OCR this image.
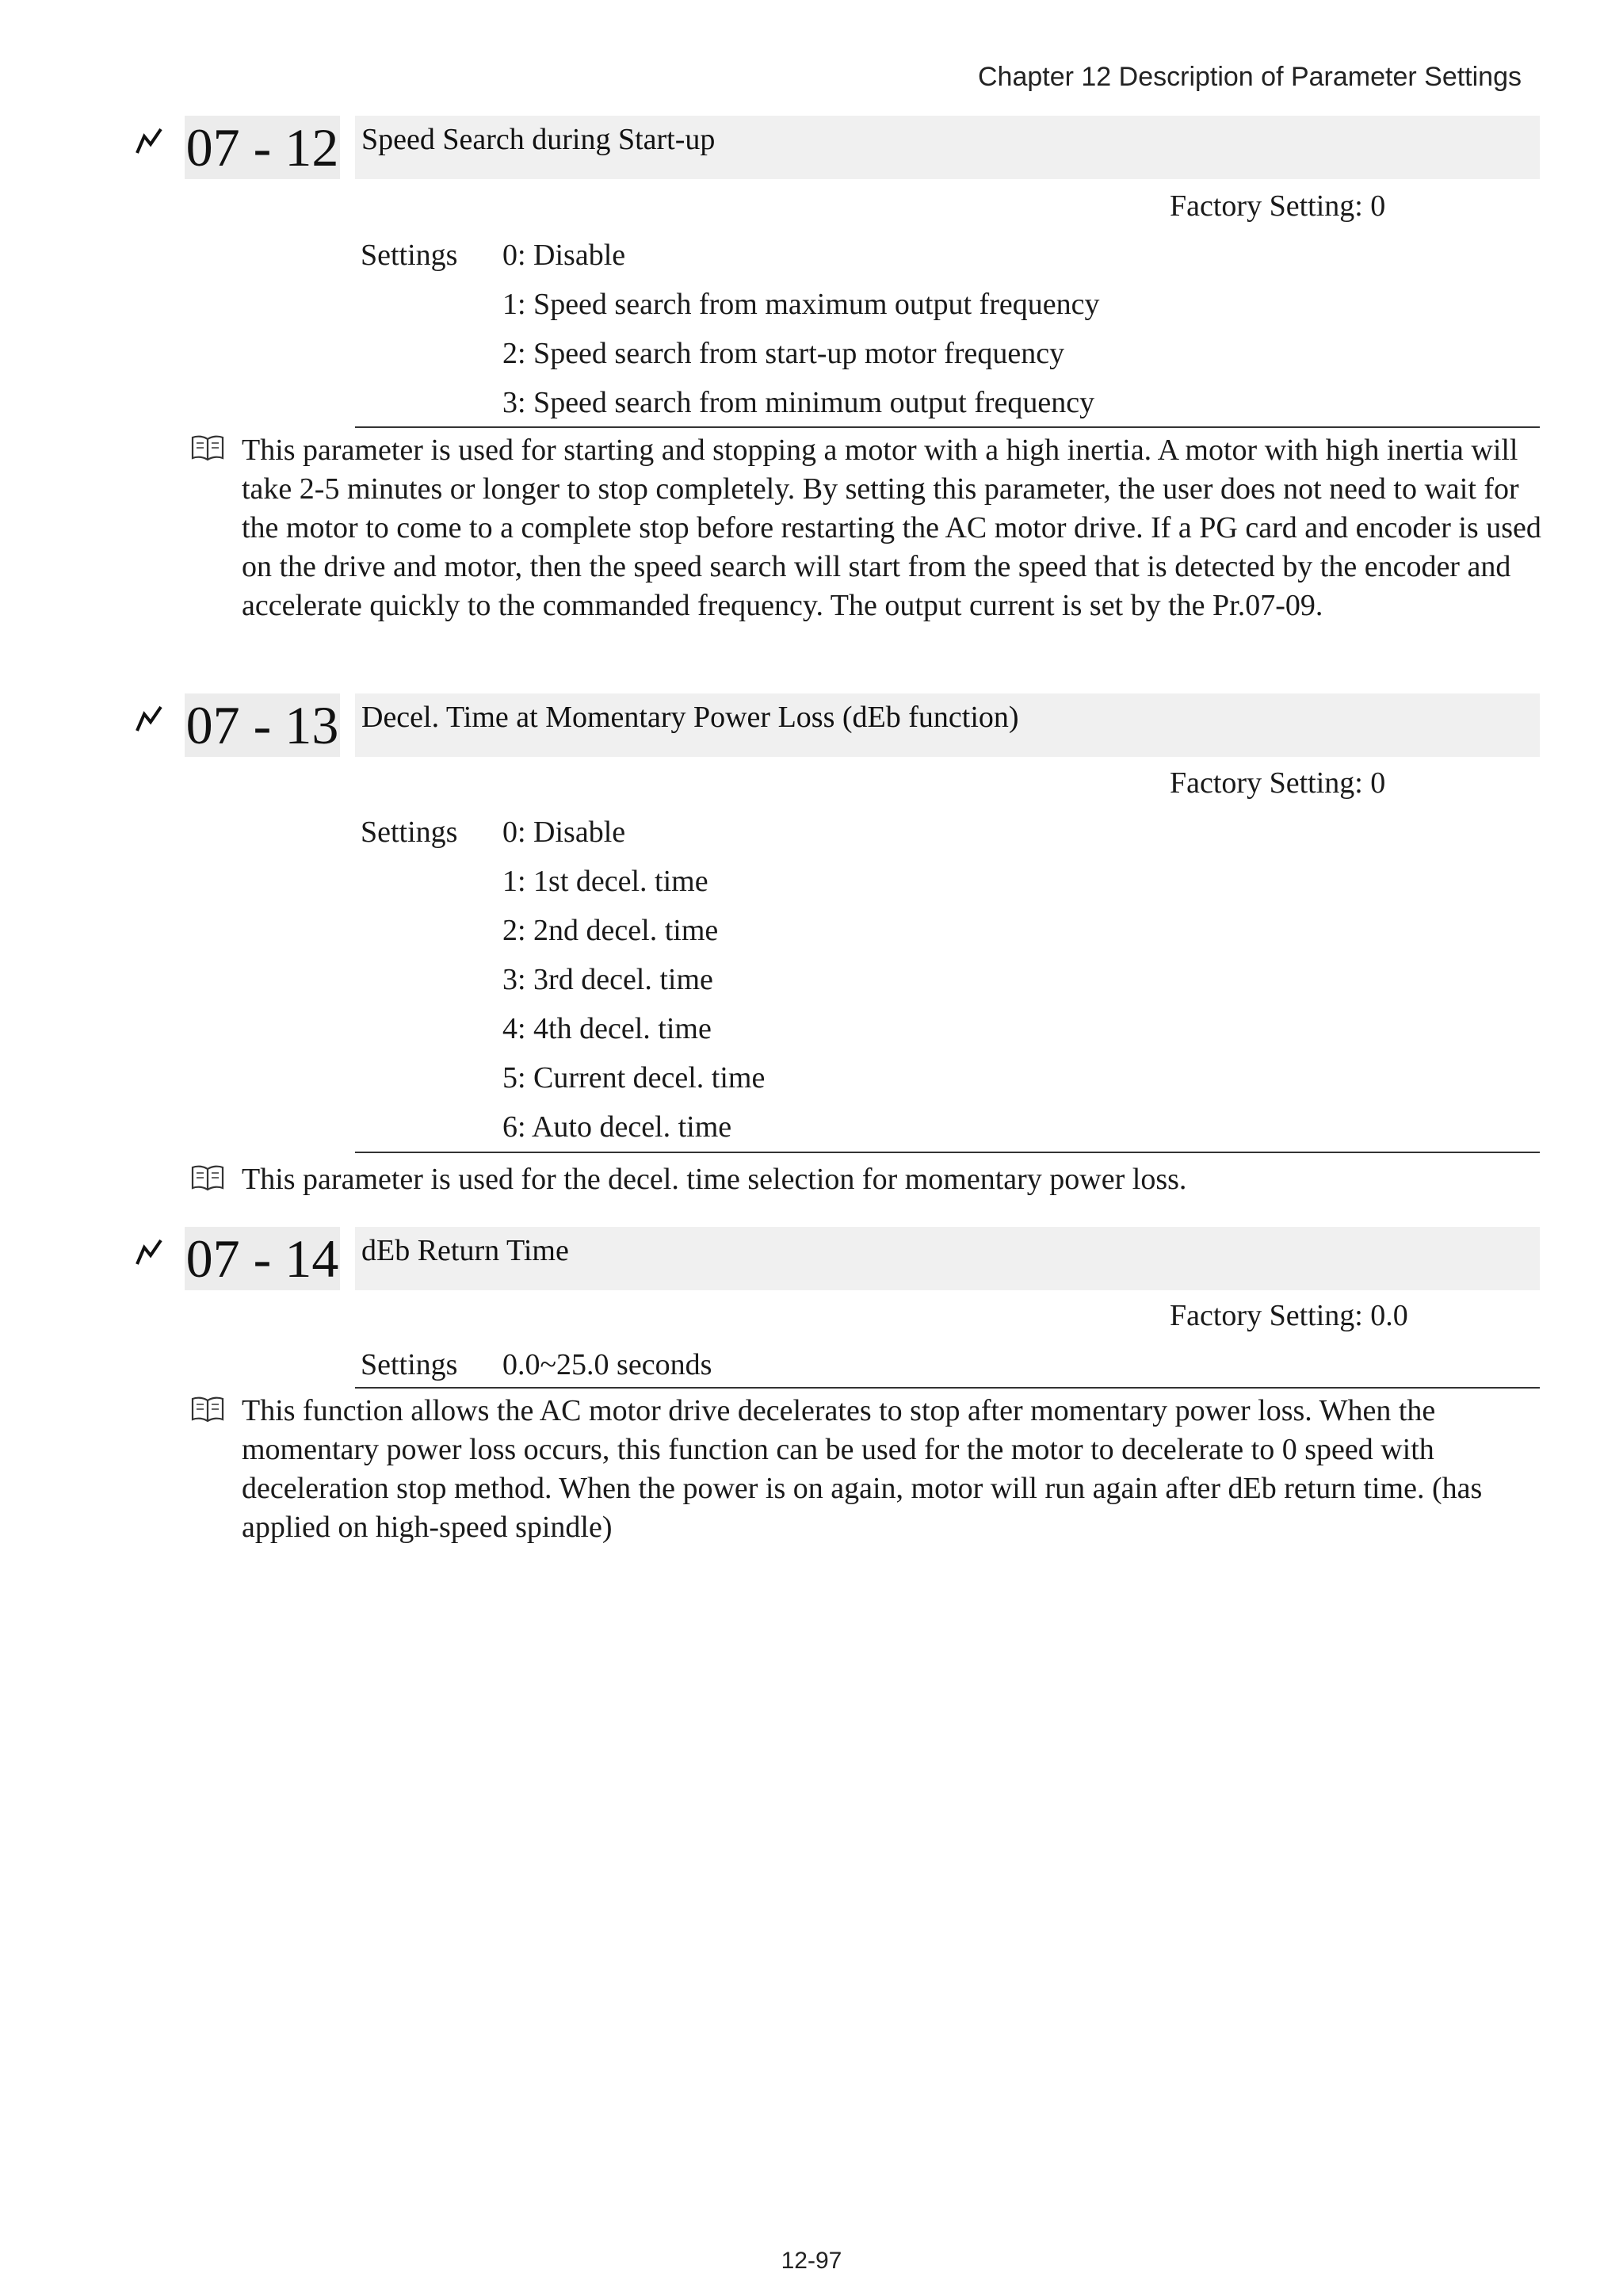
Chapter 12 Description of Parameter Settings
07 - 12 Speed Search during Start-up
Factory Setting: 0
Settings 0: Disable
1: Speed search from maximum output frequency
2: Speed search from start-up motor frequency
3: Speed search from minimum output frequency
This parameter is used for starting and stopping a motor with a high inertia. A motor with high inertia will take 2-5 minutes or longer to stop completely. By setting this parameter, the user does not need to wait for the motor to come to a complete stop before restarting the AC motor drive. If a PG card and encoder is used on the drive and motor, then the speed search will start from the speed that is detected by the encoder and accelerate quickly to the commanded frequency. The output current is set by the Pr.07-09.
07 - 13 Decel. Time at Momentary Power Loss (dEb function)
Factory Setting: 0
Settings 0: Disable
1: 1st decel. time
2: 2nd decel. time
3: 3rd decel. time
4: 4th decel. time
5: Current decel. time
6: Auto decel. time
This parameter is used for the decel. time selection for momentary power loss.
07 - 14 dEb Return Time
Factory Setting: 0.0
Settings 0.0~25.0 seconds
This function allows the AC motor drive decelerates to stop after momentary power loss. When the momentary power loss occurs, this function can be used for the motor to decelerate to 0 speed with deceleration stop method. When the power is on again, motor will run again after dEb return time. (has applied on high-speed spindle)
12-97
